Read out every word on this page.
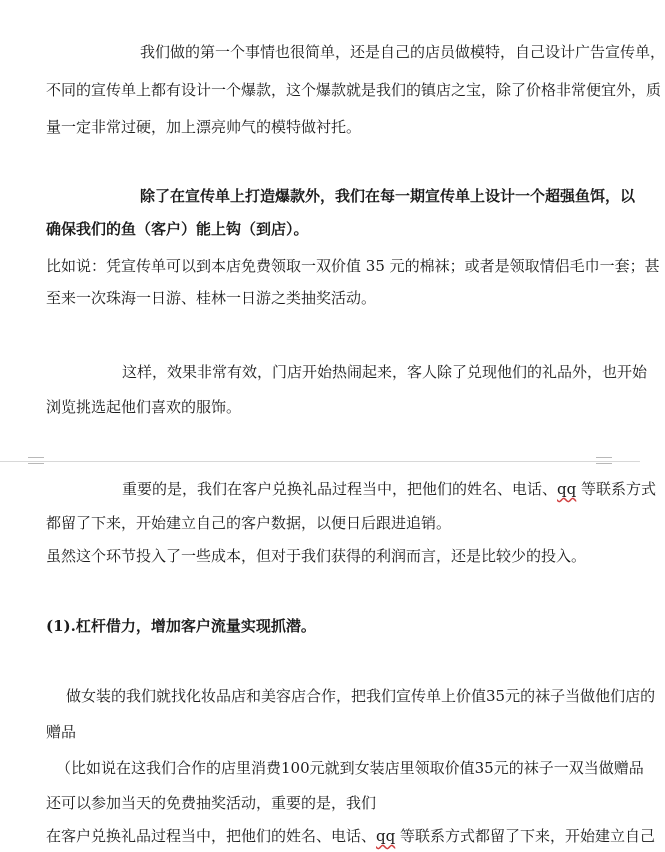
我们做的第一个事情也很简单，还是自己的店员做模特，自己设计广告宣传单，
不同的宣传单上都有设计一个爆款，这个爆款就是我们的镇店之宝，除了价格非常便宜外，质
量一定非常过硬，加上漂亮帅气的模特做衬托。
除了在宣传单上打造爆款外，我们在每一期宣传单上设计一个超强鱼饵，以
确保我们的鱼（客户）能上钩（到店）。
比如说：凭宣传单可以到本店免费领取一双价值 35 元的棉袜；或者是领取情侣毛巾一套；甚
至来一次珠海一日游、桂林一日游之类抽奖活动。
这样，效果非常有效，门店开始热闹起来，客人除了兑现他们的礼品外，也开始
浏览挑选起他们喜欢的服饰。
重要的是，我们在客户兑换礼品过程当中，把他们的姓名、电话、qq 等联系方式
都留了下来，开始建立自己的客户数据，以便日后跟进追销。
虽然这个环节投入了一些成本，但对于我们获得的利润而言，还是比较少的投入。
(1).杠杆借力，增加客户流量实现抓潜。
做女装的我们就找化妆品店和美容店合作，把我们宣传单上价值35元的袜子当做他们店的
赠品
（比如说在这我们合作的店里消费100元就到女装店里领取价值35元的袜子一双当做赠品
还可以参加当天的免费抽奖活动，重要的是，我们
在客户兑换礼品过程当中，把他们的姓名、电话、qq 等联系方式都留了下来，开始建立自己
